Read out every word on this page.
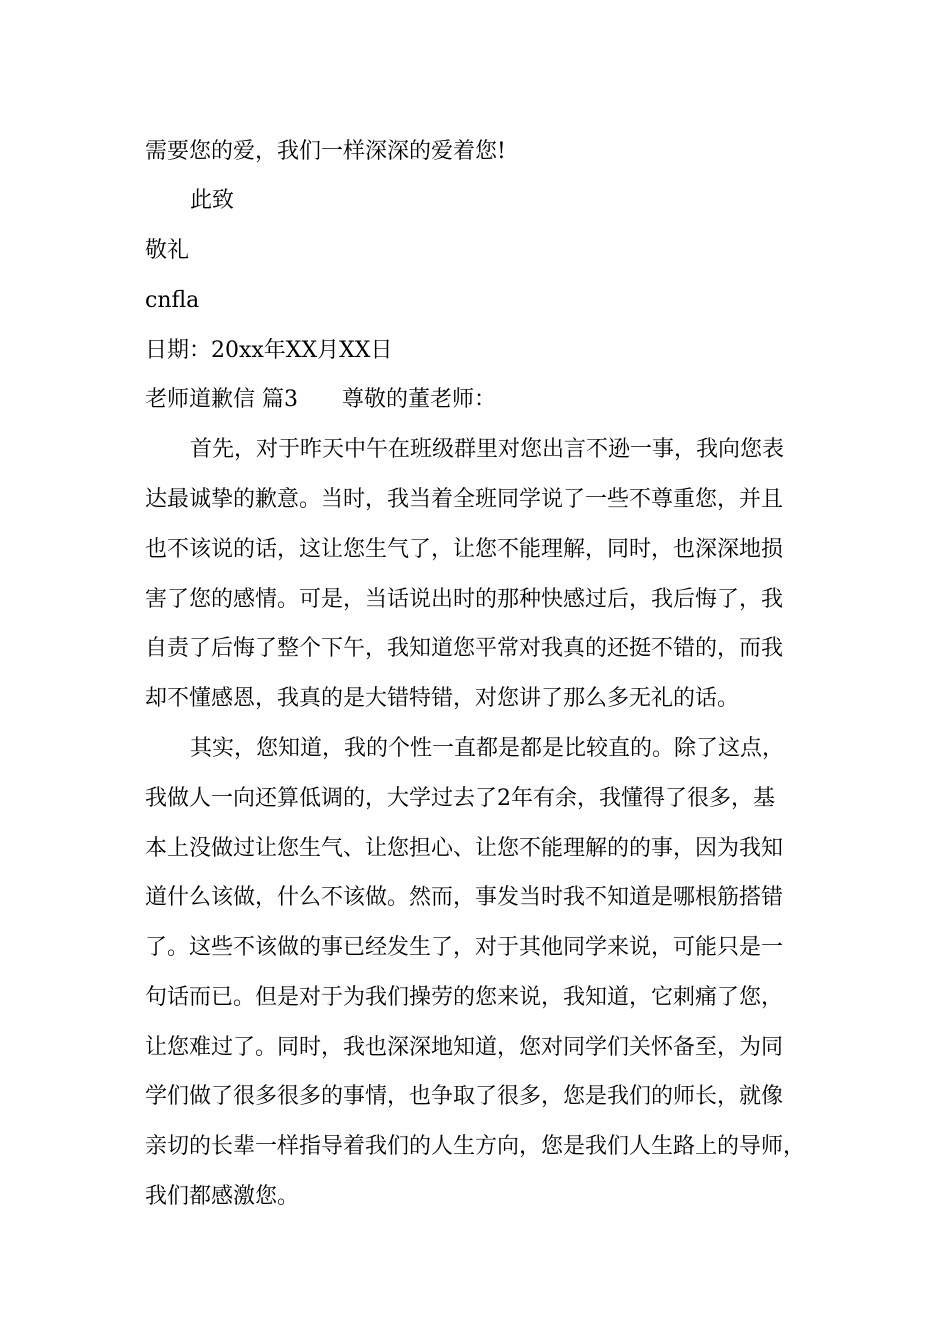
需要您的爱，我们一样深深的爱着您!
此致
敬礼
cnfla
日期：20xx年XX月XX日
老师道歉信 篇3 尊敬的董老师：
首先，对于昨天中午在班级群里对您出言不逊一事，我向您表
达最诚挚的歉意。当时，我当着全班同学说了一些不尊重您，并且
也不该说的话，这让您生气了，让您不能理解，同时，也深深地损
害了您的感情。可是，当话说出时的那种快感过后，我后悔了，我
自责了后悔了整个下午，我知道您平常对我真的还挺不错的，而我
却不懂感恩，我真的是大错特错，对您讲了那么多无礼的话。
其实，您知道，我的个性一直都是都是比较直的。除了这点，
我做人一向还算低调的，大学过去了2年有余，我懂得了很多，基
本上没做过让您生气、让您担心、让您不能理解的的事，因为我知
道什么该做，什么不该做。然而，事发当时我不知道是哪根筋搭错
了。这些不该做的事已经发生了，对于其他同学来说，可能只是一
句话而已。但是对于为我们操劳的您来说，我知道，它刺痛了您，
让您难过了。同时，我也深深地知道，您对同学们关怀备至，为同
学们做了很多很多的事情，也争取了很多，您是我们的师长，就像
亲切的长辈一样指导着我们的人生方向，您是我们人生路上的导师，
我们都感激您。
